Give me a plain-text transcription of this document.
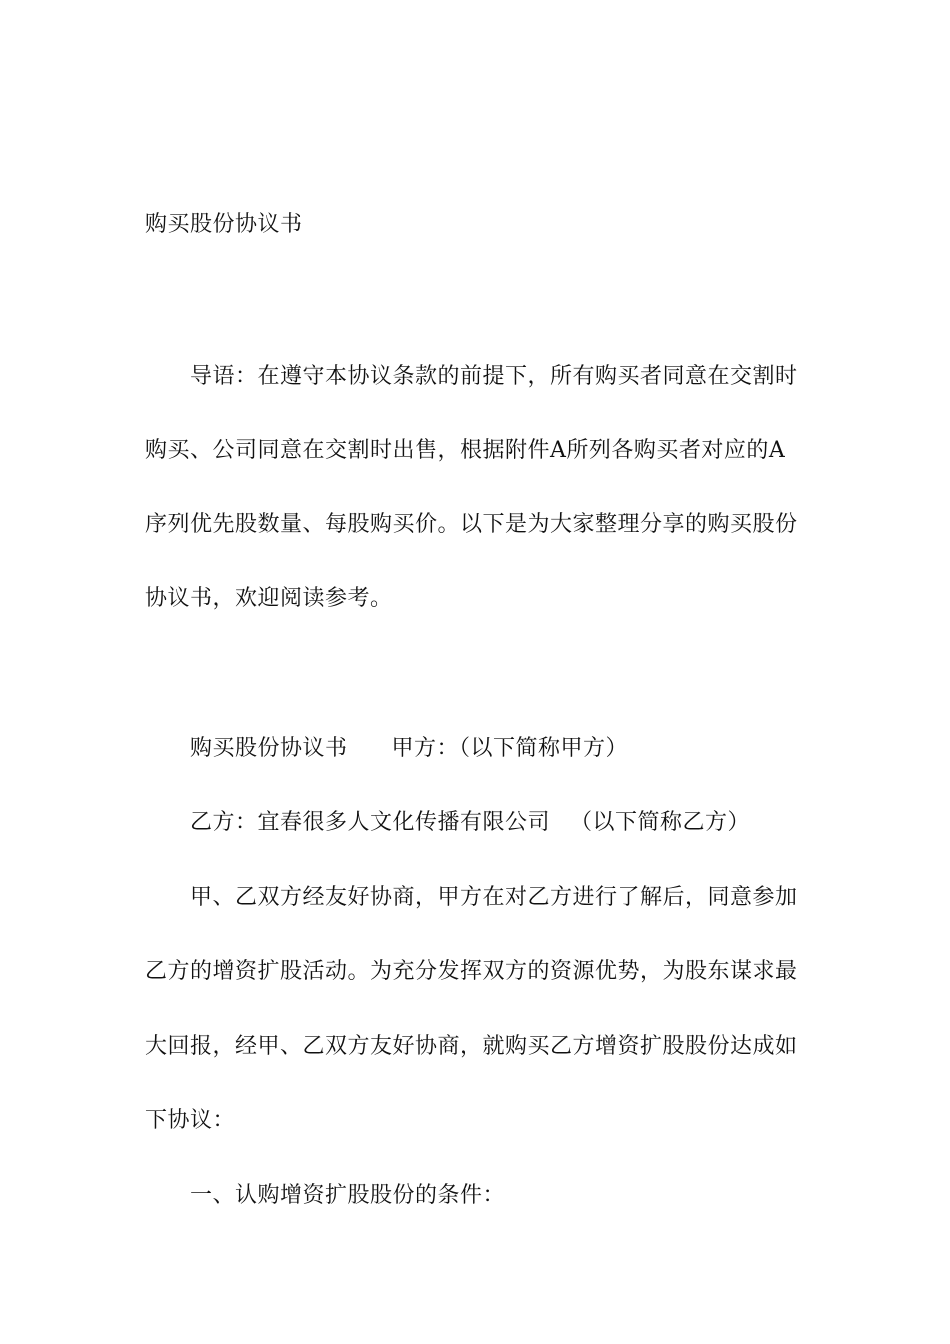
购买股份协议书
导语：在遵守本协议条款的前提下，所有购买者同意在交割时
购买、公司同意在交割时出售，根据附件A所列各购买者对应的A
序列优先股数量、每股购买价。以下是为大家整理分享的购买股份
协议书，欢迎阅读参考。
购买股份协议书 甲方：（以下简称甲方）
乙方：宜春很多人文化传播有限公司 （以下简称乙方）
甲、乙双方经友好协商，甲方在对乙方进行了解后，同意参加
乙方的增资扩股活动。为充分发挥双方的资源优势，为股东谋求最
大回报，经甲、乙双方友好协商，就购买乙方增资扩股股份达成如
下协议：
一、认购增资扩股股份的条件：
